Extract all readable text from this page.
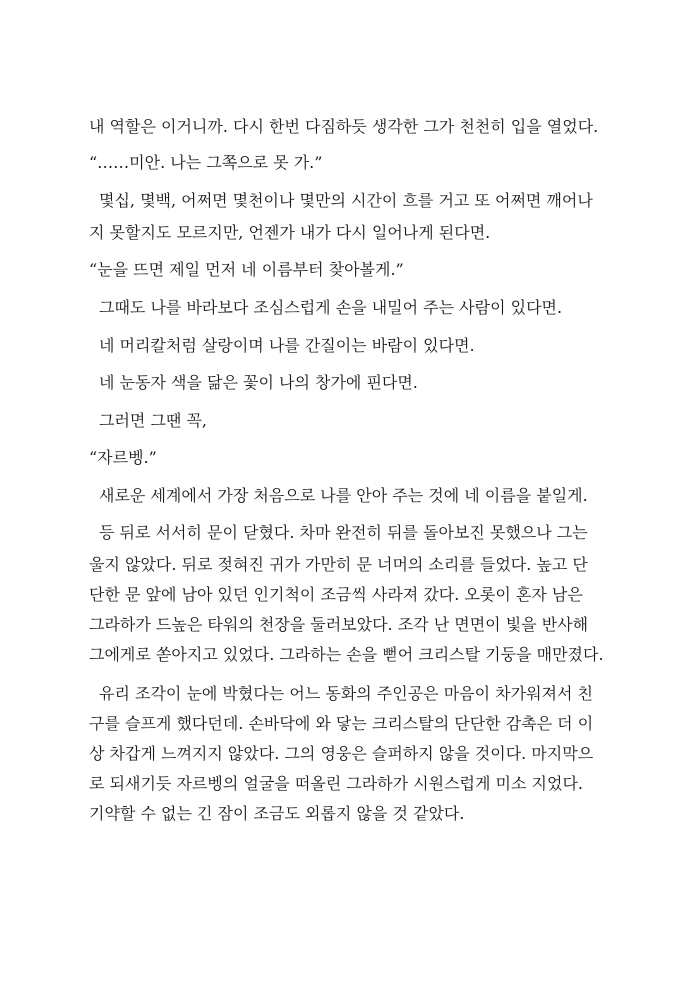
내 역할은 이거니까. 다시 한번 다짐하듯 생각한 그가 천천히 입을 열었다.
“……미안. 나는 그쪽으로 못 가.”
몇십, 몇백, 어쩌면 몇천이나 몇만의 시간이 흐를 거고 또 어쩌면 깨어나
지 못할지도 모르지만, 언젠가 내가 다시 일어나게 된다면.
“눈을 뜨면 제일 먼저 네 이름부터 찾아볼게.”
그때도 나를 바라보다 조심스럽게 손을 내밀어 주는 사람이 있다면.
네 머리칼처럼 살랑이며 나를 간질이는 바람이 있다면.
네 눈동자 색을 닮은 꽃이 나의 창가에 핀다면.
그러면 그땐 꼭,
“자르벵.”
새로운 세계에서 가장 처음으로 나를 안아 주는 것에 네 이름을 붙일게.
등 뒤로 서서히 문이 닫혔다. 차마 완전히 뒤를 돌아보진 못했으나 그는
울지 않았다. 뒤로 젖혀진 귀가 가만히 문 너머의 소리를 들었다. 높고 단
단한 문 앞에 남아 있던 인기척이 조금씩 사라져 갔다. 오롯이 혼자 남은
그라하가 드높은 타워의 천장을 둘러보았다. 조각 난 면면이 빛을 반사해
그에게로 쏟아지고 있었다. 그라하는 손을 뻗어 크리스탈 기둥을 매만졌다.
유리 조각이 눈에 박혔다는 어느 동화의 주인공은 마음이 차가워져서 친
구를 슬프게 했다던데. 손바닥에 와 닿는 크리스탈의 단단한 감촉은 더 이
상 차갑게 느껴지지 않았다. 그의 영웅은 슬퍼하지 않을 것이다. 마지막으
로 되새기듯 자르벵의 얼굴을 떠올린 그라하가 시원스럽게 미소 지었다.
기약할 수 없는 긴 잠이 조금도 외롭지 않을 것 같았다.
